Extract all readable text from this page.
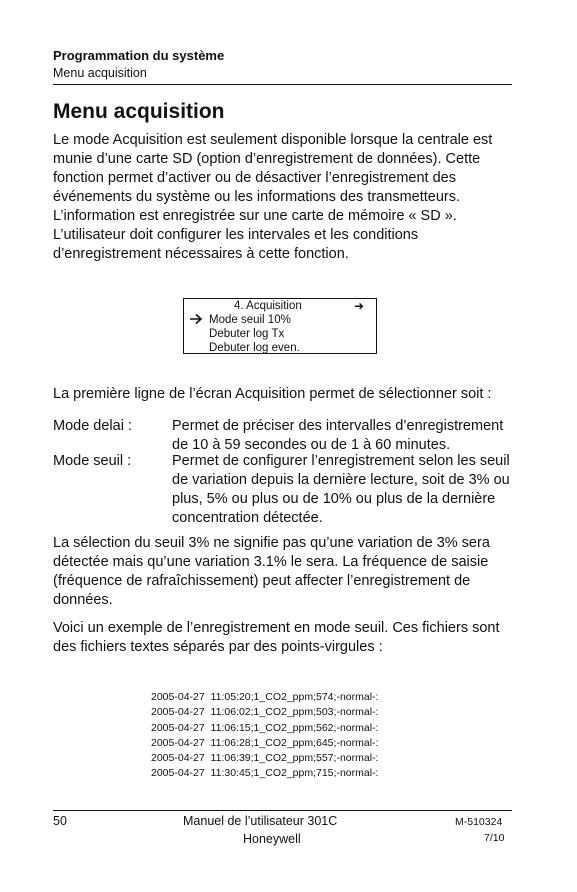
Programmation du système
Menu acquisition
Menu acquisition

Le mode Acquisition est seulement disponible lorsque la centrale est
munie d’une carte SD (option d’enregistrement de données). Cette
fonction permet d’activer ou de désactiver l’enregistrement des
événements du système ou les informations des transmetteurs.
L’information est enregistrée sur une carte de mémoire « SD ».
L’utilisateur doit configurer les intervales et les conditions
d’enregistrement nécessaires à cette fonction.

4. Acquisition	➜
Mode seuil 10%
Debuter log Tx
Debuter log even.

La première ligne de l’écran Acquisition permet de sélectionner soit :

Mode delai :	Permet de préciser des intervalles d’enregistrement
de 10 à 59 secondes ou de 1 à 60 minutes.
Mode seuil :	Permet de configurer l’enregistrement selon les seuil
de variation depuis la dernière lecture, soit de 3% ou
plus, 5% ou plus ou de 10% ou plus de la dernière
concentration détectée.

La sélection du seuil 3% ne signifie pas qu’une variation de 3% sera
détectée mais qu’une variation 3.1% le sera. La fréquence de saisie
(fréquence de rafraîchissement) peut affecter l’enregistrement de
données.

Voici un exemple de l’enregistrement en mode seuil. Ces fichiers sont
des fichiers textes séparés par des points-virgules :

2005-04-27  11:05:20;1_CO2_ppm;574;-normal-:
2005-04-27  11:06:02;1_CO2_ppm;503;-normal-:
2005-04-27  11:06:15;1_CO2_ppm;562;-normal-:
2005-04-27  11:06:28;1_CO2_ppm;645;-normal-:
2005-04-27  11:06:39;1_CO2_ppm;557;-normal-:
2005-04-27  11:30:45;1_CO2_ppm;715;-normal-:
50	Manuel de l’utilisateur 301C
Honeywell
M-510324
7/10
